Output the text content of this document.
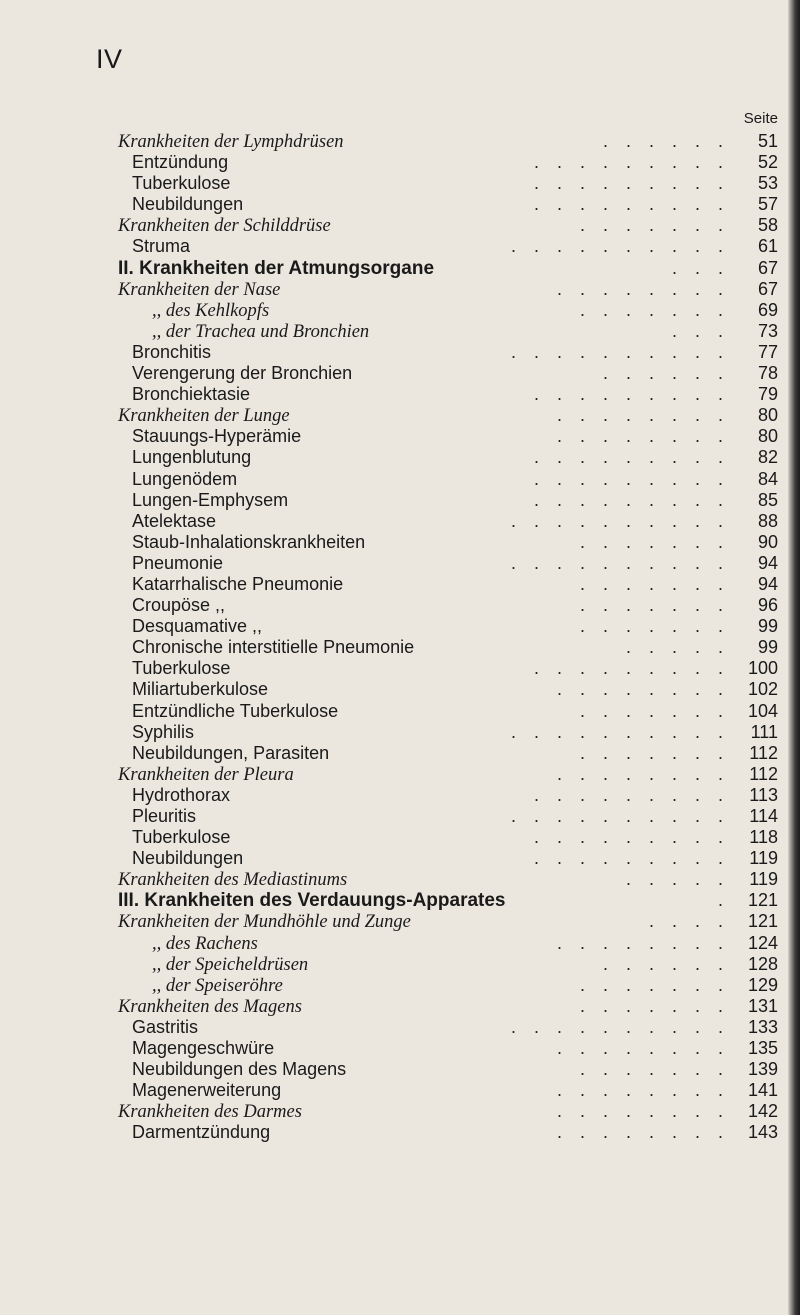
IV
Seite
Krankheiten der Lymphdrüsen	. . . . . .	51
Entzündung	. . . . . . . . .	52
Tuberkulose	. . . . . . . . .	53
Neubildungen	. . . . . . . . .	57
Krankheiten der Schilddrüse	. . . . . . .	58
Struma	. . . . . . . . . .	61
II. Krankheiten der Atmungsorgane	. . .	67
Krankheiten der Nase	. . . . . . . .	67
,, des Kehlkopfs	. . . . . . .	69
,, der Trachea und Bronchien	. . .	73
Bronchitis	. . . . . . . . . .	77
Verengerung der Bronchien	. . . . . .	78
Bronchiektasie	. . . . . . . . .	79
Krankheiten der Lunge	. . . . . . . .	80
Stauungs-Hyperämie	. . . . . . . .	80
Lungenblutung	. . . . . . . . .	82
Lungenödem	. . . . . . . . .	84
Lungen-Emphysem	. . . . . . . . .	85
Atelektase	. . . . . . . . . .	88
Staub-Inhalationskrankheiten	. . . . . . .	90
Pneumonie	. . . . . . . . . .	94
Katarrhalische Pneumonie	. . . . . . .	94
Croupöse ,,	. . . . . . .	96
Desquamative ,,	. . . . . . .	99
Chronische interstitielle Pneumonie	. . . . .	99
Tuberkulose	. . . . . . . . .	100
Miliartuberkulose	. . . . . . . .	102
Entzündliche Tuberkulose	. . . . . . .	104
Syphilis	. . . . . . . . . .	111
Neubildungen, Parasiten	. . . . . . .	112
Krankheiten der Pleura	. . . . . . . .	112
Hydrothorax	. . . . . . . . .	113
Pleuritis	. . . . . . . . . .	114
Tuberkulose	. . . . . . . . .	118
Neubildungen	. . . . . . . . .	119
Krankheiten des Mediastinums	. . . . .	119
III. Krankheiten des Verdauungs-Apparates	.	121
Krankheiten der Mundhöhle und Zunge	. . . .	121
,, des Rachens	. . . . . . . .	124
,, der Speicheldrüsen	. . . . . .	128
,, der Speiseröhre	. . . . . . .	129
Krankheiten des Magens	. . . . . . .	131
Gastritis	. . . . . . . . . .	133
Magengeschwüre	. . . . . . . .	135
Neubildungen des Magens	. . . . . . .	139
Magenerweiterung	. . . . . . . .	141
Krankheiten des Darmes	. . . . . . . .	142
Darmentzündung	. . . . . . . .	143
